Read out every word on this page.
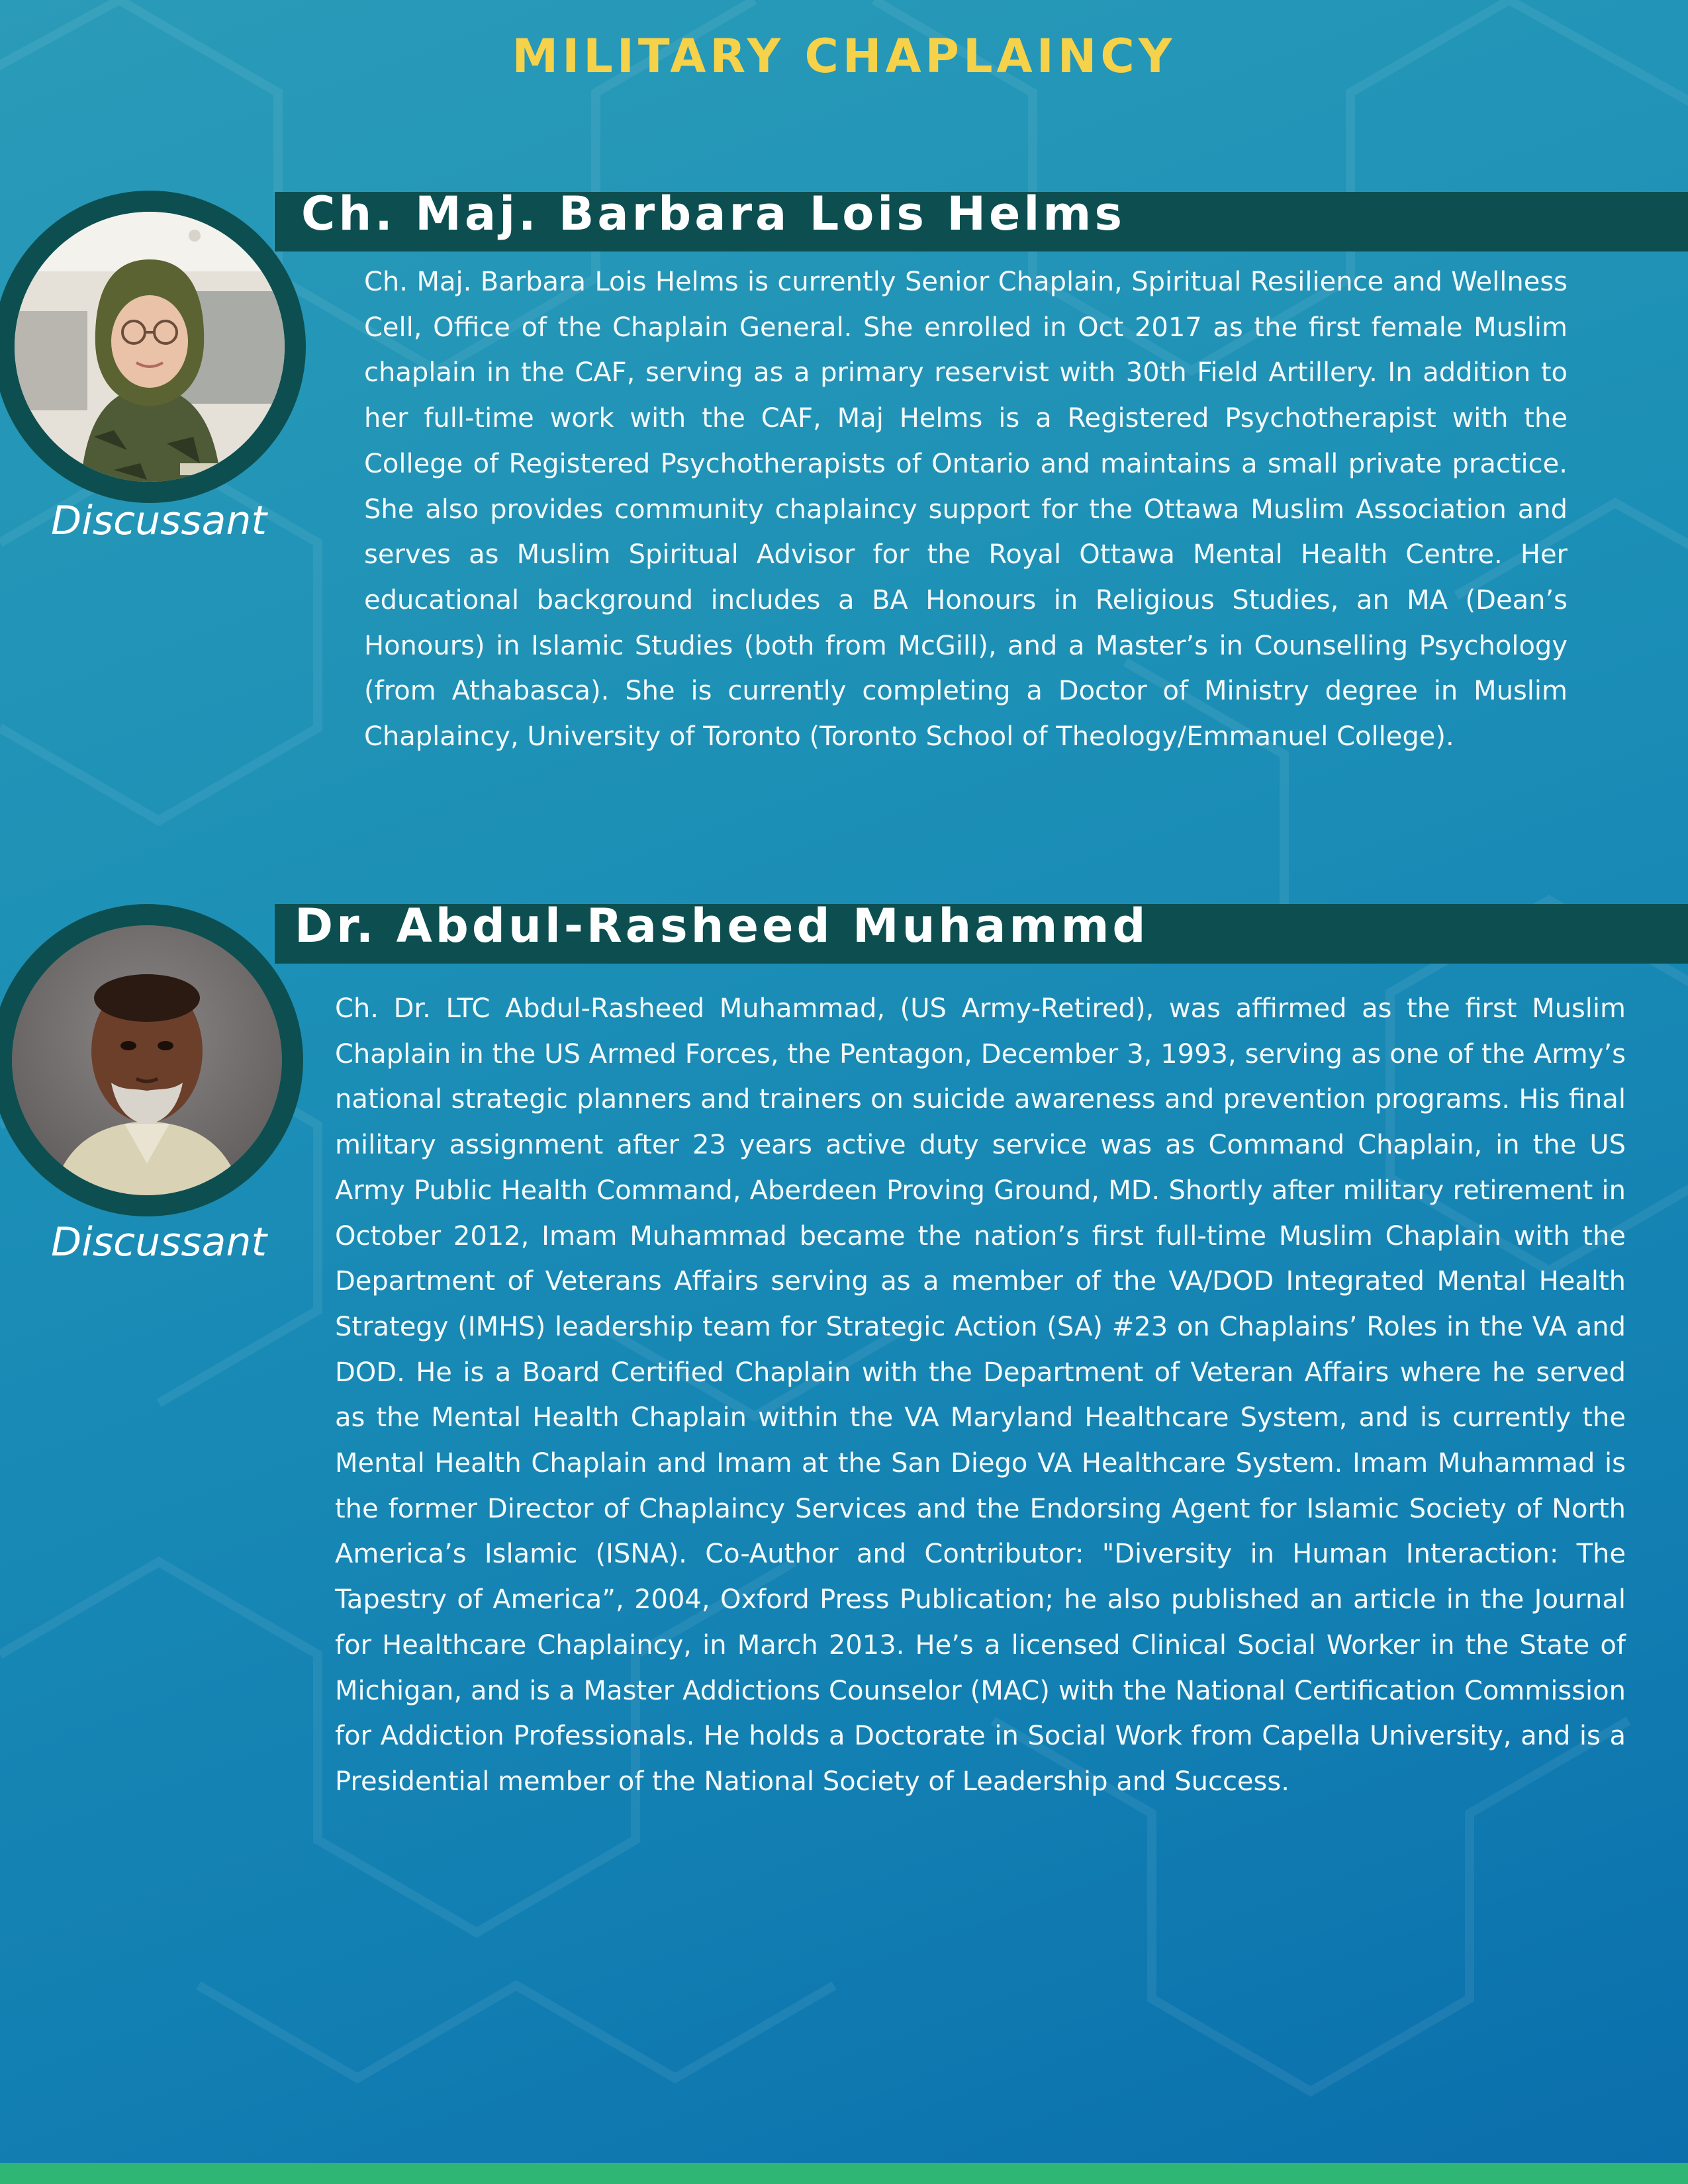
MILITARY CHAPLAINCY
Ch. Maj. Barbara Lois Helms
Discussant

Ch. Maj. Barbara Lois Helms is currently Senior Chaplain, Spiritual Resilience and Wellness Cell, Office of the Chaplain General. She enrolled in Oct 2017 as the first female Muslim chaplain in the CAF, serving as a primary reservist with 30th Field Artillery. In addition to her full-time work with the CAF, Maj Helms is a Registered Psychotherapist with the College of Registered Psychotherapists of Ontario and maintains a small private practice. She also provides community chaplaincy support for the Ottawa Muslim Association and serves as Muslim Spiritual Advisor for the Royal Ottawa Mental Health Centre. Her educational background includes a BA Honours in Religious Studies, an MA (Dean’s Honours) in Islamic Studies (both from McGill), and a Master’s in Counselling Psychology (from Athabasca). She is currently completing a Doctor of Ministry degree in Muslim Chaplaincy, University of Toronto (Toronto School of Theology/Emmanuel College).

Dr. Abdul-Rasheed Muhammd
Discussant

Ch. Dr. LTC Abdul-Rasheed Muhammad, (US Army-Retired), was affirmed as the first Muslim Chaplain in the US Armed Forces, the Pentagon, December 3, 1993, serving as one of the Army’s national strategic planners and trainers on suicide awareness and prevention programs. His final military assignment after 23 years active duty service was as Command Chaplain, in the US Army Public Health Command, Aberdeen Proving Ground, MD. Shortly after military retirement in October 2012, Imam Muhammad became the nation’s first full-time Muslim Chaplain with the Department of Veterans Affairs serving as a member of the VA/DOD Integrated Mental Health Strategy (IMHS) leadership team for Strategic Action (SA) #23 on Chaplains’ Roles in the VA and DOD. He is a Board Certified Chaplain with the Department of Veteran Affairs where he served as the Mental Health Chaplain within the VA Maryland Healthcare System, and is currently the Mental Health Chaplain and Imam at the San Diego VA Healthcare System. Imam Muhammad is the former Director of Chaplaincy Services and the Endorsing Agent for Islamic Society of North America’s Islamic (ISNA). Co-Author and Contributor: "Diversity in Human Interaction: The Tapestry of America”, 2004, Oxford Press Publication; he also published an article in the Journal for Healthcare Chaplaincy, in March 2013. He’s a licensed Clinical Social Worker in the State of Michigan, and is a Master Addictions Counselor (MAC) with the National Certification Commission for Addiction Professionals. He holds a Doctorate in Social Work from Capella University, and is a Presidential member of the National Society of Leadership and Success.
